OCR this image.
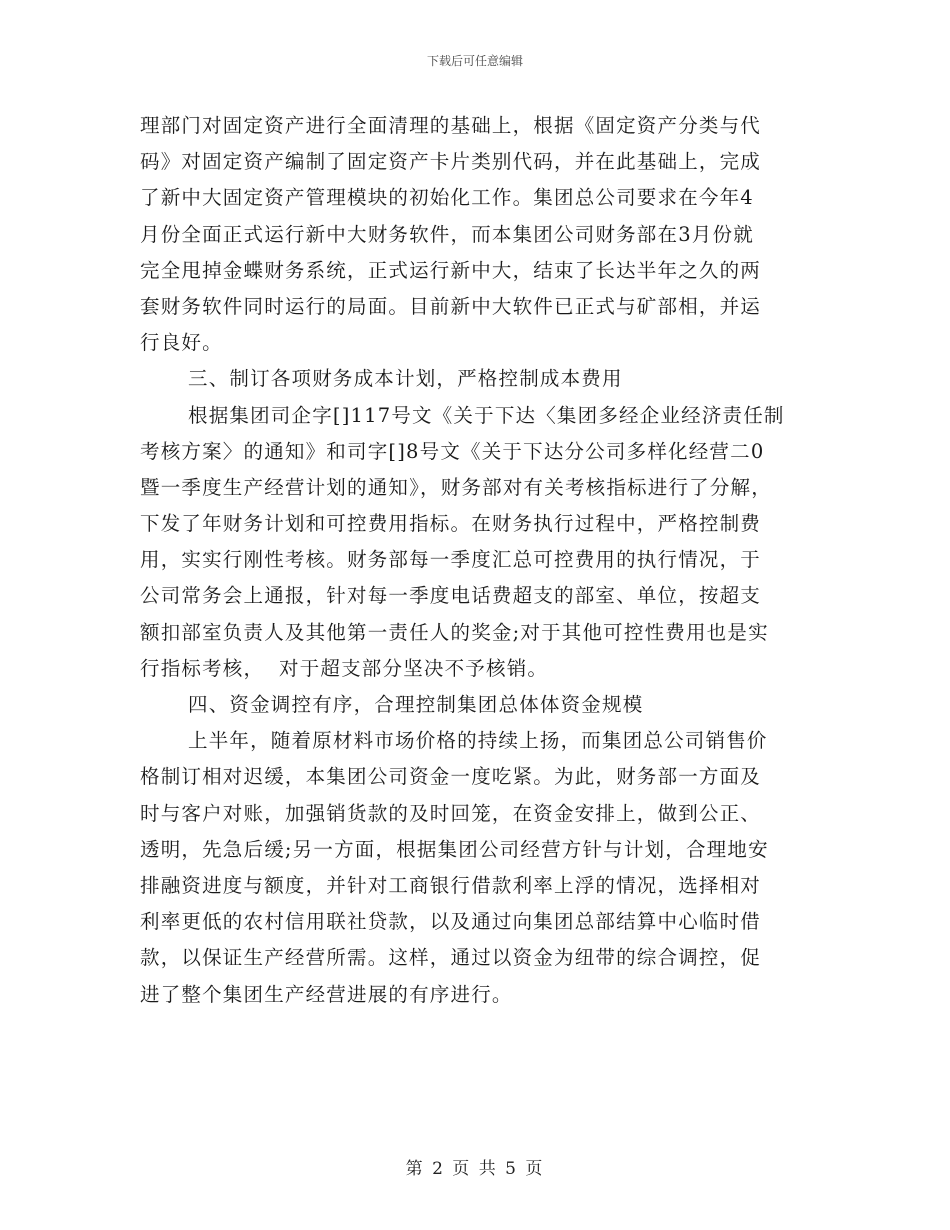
下载后可任意编辑
理部门对固定资产进行全面清理的基础上，根据《固定资产分类与代
码》对固定资产编制了固定资产卡片类别代码，并在此基础上，完成
了新中大固定资产管理模块的初始化工作。集团总公司要求在今年4
月份全面正式运行新中大财务软件，而本集团公司财务部在3月份就
完全甩掉金蝶财务系统，正式运行新中大，结束了长达半年之久的两
套财务软件同时运行的局面。目前新中大软件已正式与矿部相，并运
行良好。
三、制订各项财务成本计划，严格控制成本费用
根据集团司企字[]117号文《关于下达〈集团多经企业经济责任制
考核方案〉的通知》和司字[]8号文《关于下达分公司多样化经营二0
暨一季度生产经营计划的通知》，财务部对有关考核指标进行了分解，
下发了年财务计划和可控费用指标。在财务执行过程中，严格控制费
用，实实行刚性考核。财务部每一季度汇总可控费用的执行情况，于
公司常务会上通报，针对每一季度电话费超支的部室、单位，按超支
额扣部室负责人及其他第一责任人的奖金;对于其他可控性费用也是实
行指标考核，  对于超支部分坚决不予核销。
四、资金调控有序，合理控制集团总体体资金规模
上半年，随着原材料市场价格的持续上扬，而集团总公司销售价
格制订相对迟缓，本集团公司资金一度吃紧。为此，财务部一方面及
时与客户对账，加强销货款的及时回笼，在资金安排上，做到公正、
透明，先急后缓;另一方面，根据集团公司经营方针与计划，合理地安
排融资进度与额度，并针对工商银行借款利率上浮的情况，选择相对
利率更低的农村信用联社贷款，以及通过向集团总部结算中心临时借
款，以保证生产经营所需。这样，通过以资金为纽带的综合调控，促
进了整个集团生产经营进展的有序进行。
第 2 页 共 5 页
